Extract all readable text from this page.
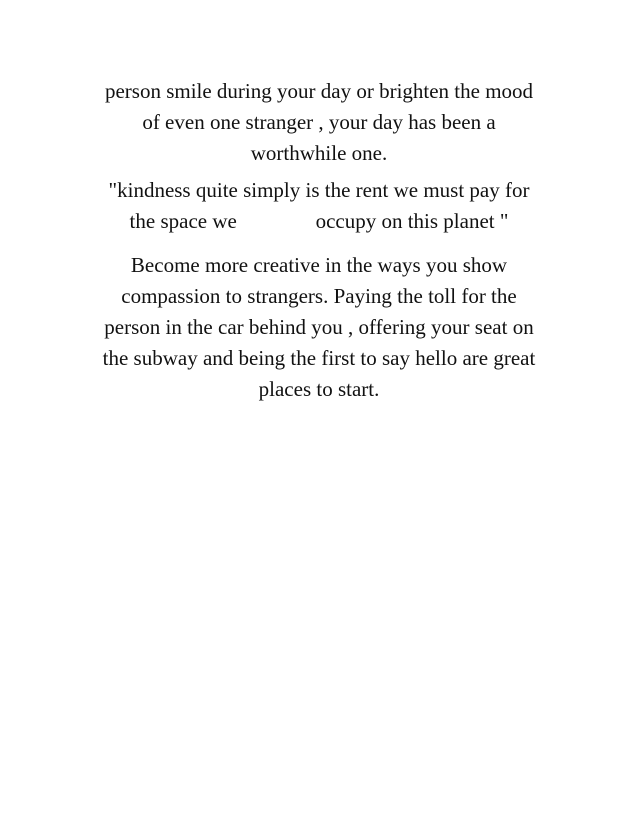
person smile during your day or brighten the mood
of even one stranger , your day has been a
worthwhile one.
"kindness quite simply is the rent we must pay for
the space we               occupy on this planet "
Become more creative in the ways you show
compassion to strangers. Paying the toll for the
person in the car behind you , offering your seat on
the subway and being the first to say hello are great
places to start.
